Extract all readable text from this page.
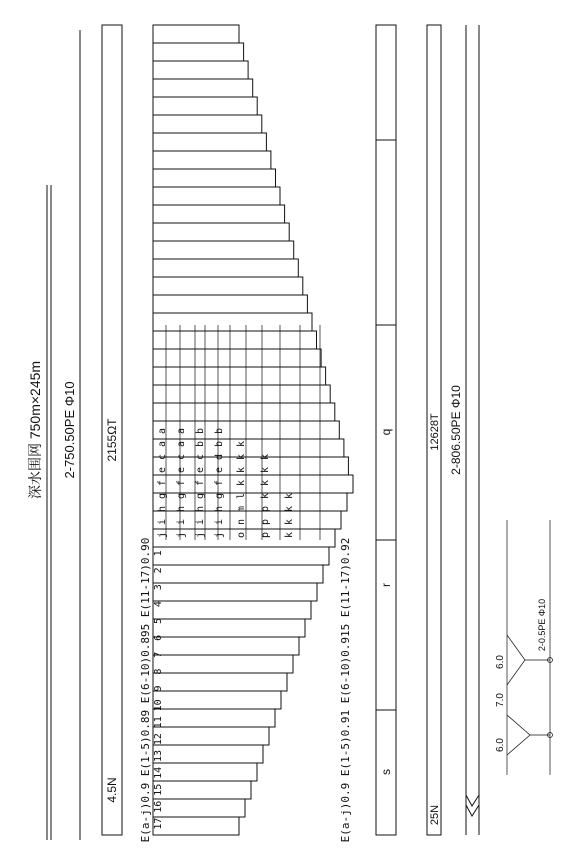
深水围网 750m×245m 2-750.50PE Φ10
4.5N
2155ΩT
17
16
15
14
13
12
11
10
9
8
7
6
5
4
3
2
1
j
i
h
g
f
e
c
a
a
j
i
h
g
f
e
c
a
a
j
i
h
g
f
e
c
b
b
j
i
h
g
f
e
d
b
b
o
n
m
l
k
k
k
k
p
p
p
k
k
k
k
k
k
k
k
E(a-j)0.9 E(1-5)0.89 E(6-10)0.895 E(11-17)0.90	E(a-j)0.9 E(1-5)0.91 E(6-10)0.915 E(11-17)0.92
q
r
s
12628T
25N
2-806.50PE Φ10
6.0
7.0
6.0
2-0.5PE Φ10
